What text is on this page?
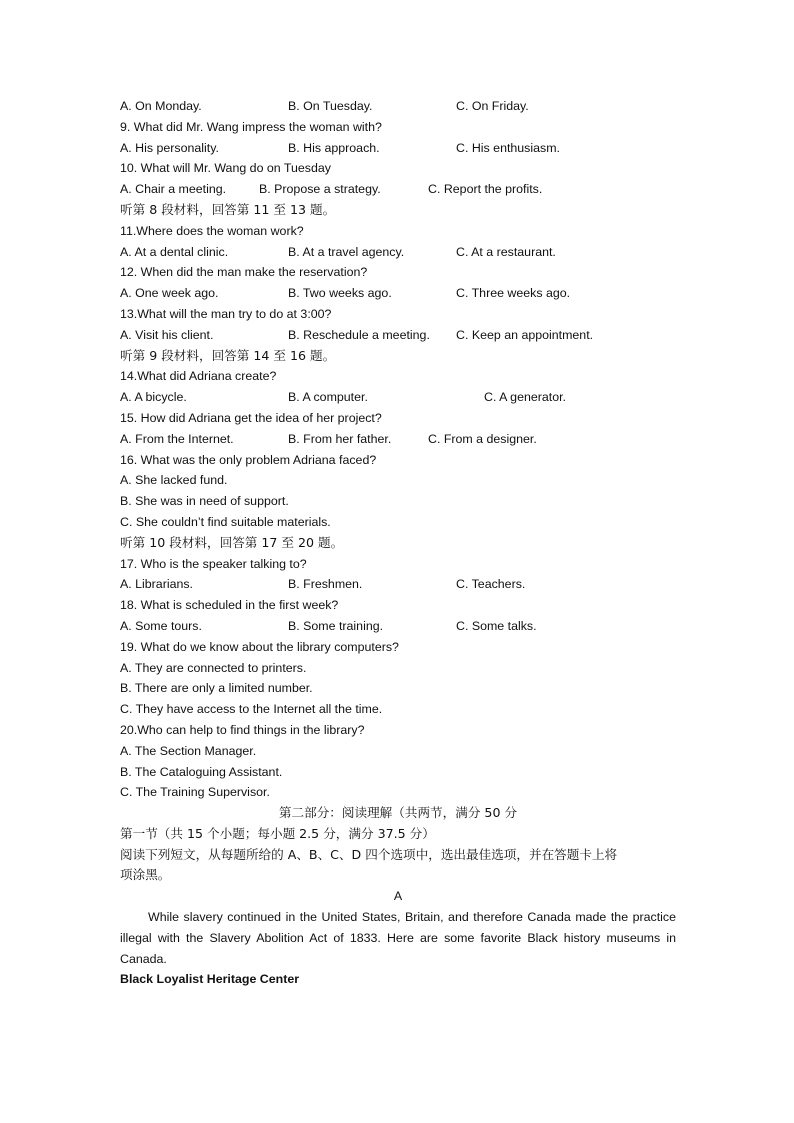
A. On Monday.	B. On Tuesday.	C. On Friday.
9. What did Mr. Wang impress the woman with?
A. His personality.	B. His approach.	C. His enthusiasm.
10. What will Mr. Wang do on Tuesday
A. Chair a meeting.	B. Propose a strategy.	C. Report the profits.
听第 8 段材料，回答第 11 至 13 题。
11.Where does the woman work?
A. At a dental clinic.	B. At a travel agency.	C. At a restaurant.
12. When did the man make the reservation?
A. One week ago.	B. Two weeks ago.	C. Three weeks ago.
13.What will the man try to do at 3:00?
A. Visit his client.	B. Reschedule a meeting. C. Keep an appointment.
听第 9 段材料，回答第 14 至 16 题。
14.What did Adriana create?
A. A bicycle.	B. A computer.	C. A generator.
15. How did Adriana get the idea of her project?
A. From the Internet.	B. From her father.	C. From a designer.
16. What was the only problem Adriana faced?
A. She lacked fund.
B. She was in need of support.
C. She couldn’t find suitable materials.
听第 10 段材料，回答第 17 至 20 题。
17. Who is the speaker talking to?
A. Librarians.	B. Freshmen.	C. Teachers.
18. What is scheduled in the first week?
A. Some tours.	B. Some training.	C. Some talks.
19. What do we know about the library computers?
A. They are connected to printers.
B. There are only a limited number.
C. They have access to the Internet all the time.
20.Who can help to find things in the library?
A. The Section Manager.
B. The Cataloguing Assistant.
C. The Training Supervisor.
第二部分：阅读理解（共两节，满分 50 分
第一节（共 15 个小题；每小题 2.5 分，满分 37.5 分）
阅读下列短文，从每题所给的 A、B、C、D 四个选项中，选出最佳选项，并在答题卡上将
项涂黑。
A
While slavery continued in the United States, Britain, and therefore Canada made the practice illegal with the Slavery Abolition Act of 1833. Here are some favorite Black history museums in Canada.
Black Loyalist Heritage Center
